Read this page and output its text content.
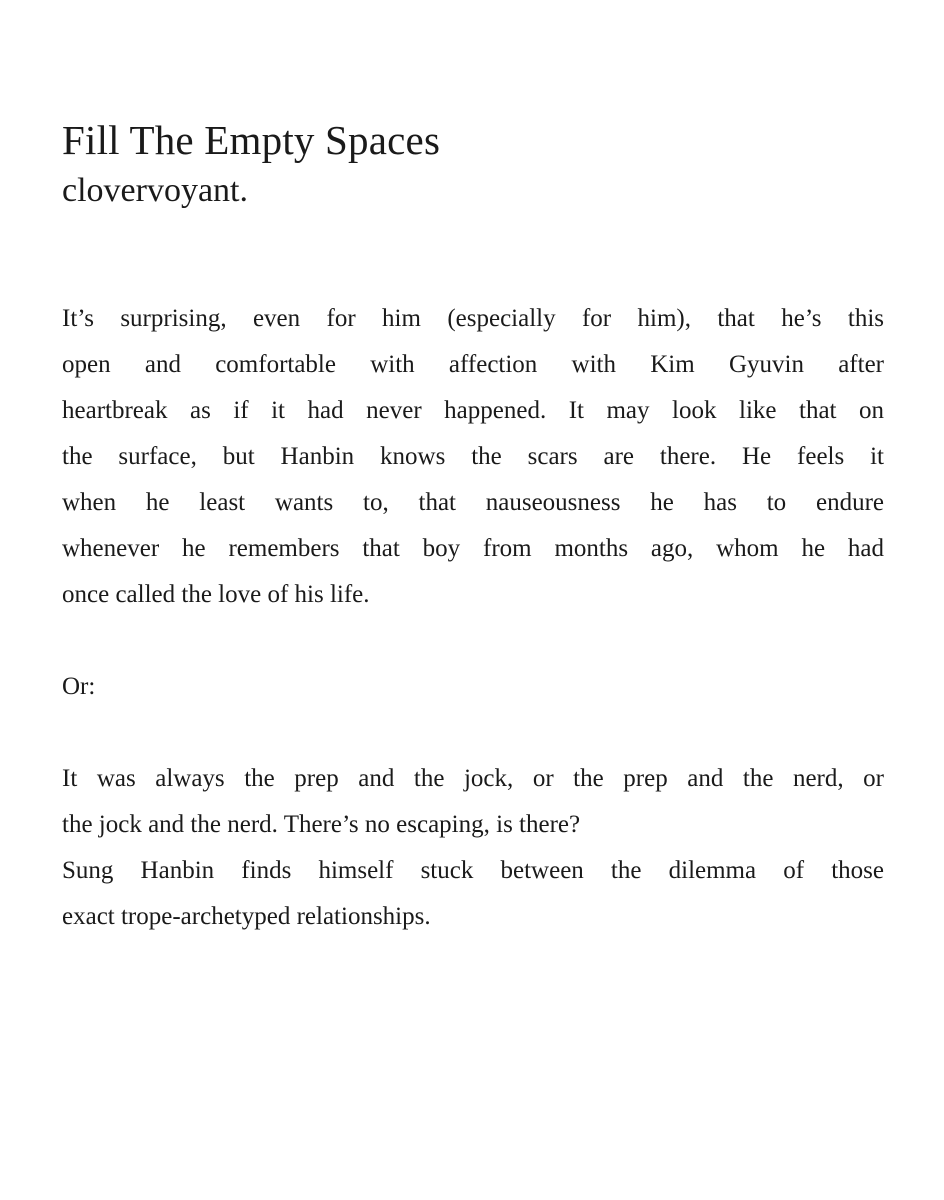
Fill The Empty Spaces
clovervoyant.

It’s surprising, even for him (especially for him), that he’s this
open and comfortable with affection with Kim Gyuvin after
heartbreak as if it had never happened. It may look like that on
the surface, but Hanbin knows the scars are there. He feels it
when he least wants to, that nauseousness he has to endure
whenever he remembers that boy from months ago, whom he had
once called the love of his life.

Or:

It was always the prep and the jock, or the prep and the nerd, or
the jock and the nerd. There’s no escaping, is there?
Sung Hanbin finds himself stuck between the dilemma of those
exact trope-archetyped relationships.
